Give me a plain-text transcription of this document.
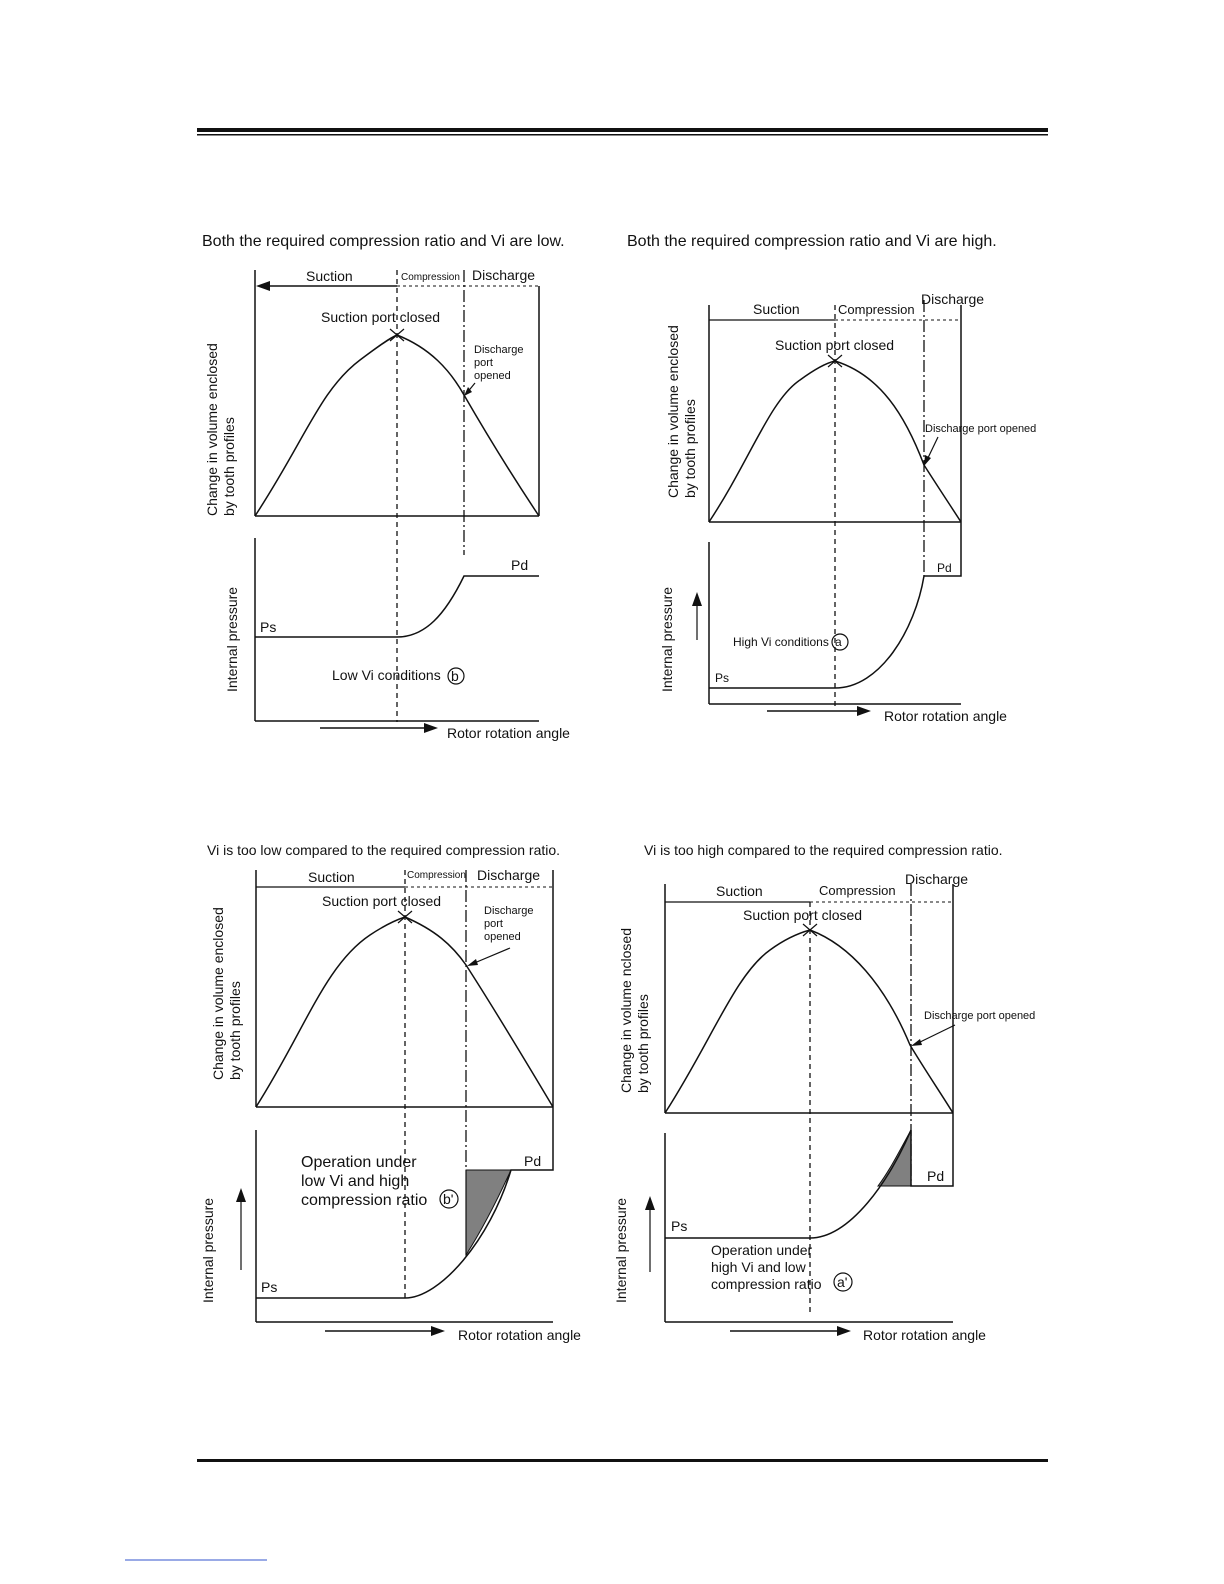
Both the required compression ratio and Vi are low.
Suction	Compression Discharge
Suction port closed
Discharge
port
opened
Change in volume enclosed by tooth profiles
Pd
Ps
Internal pressure	Low Vi conditions b
Rotor rotation angle
Both the required compression ratio and Vi are high.
Suction	Compression
Discharge
Suction port closed
Discharge port opened
Change in volume enclosed by tooth profiles
Pd
Ps
Internal pressure	High Vi conditions a
Rotor rotation angle
Vi is too low compared to the required compression ratio.
Suction	Compression Discharge
Suction port closed
Discharge
port
opened
Change in volume enclosed by tooth profiles
Pd
Ps
Internal pressure
Operation under
low Vi and high
compression ratio b'
Rotor rotation angle
Vi is too high compared to the required compression ratio.
Suction	Compression
Discharge
Suction port closed
Discharge port opened
Change in volume nclosed by tooth profiles
Pd
Ps
Internal pressure	Operation under
high Vi and low
compression ratio a'
Rotor rotation angle
